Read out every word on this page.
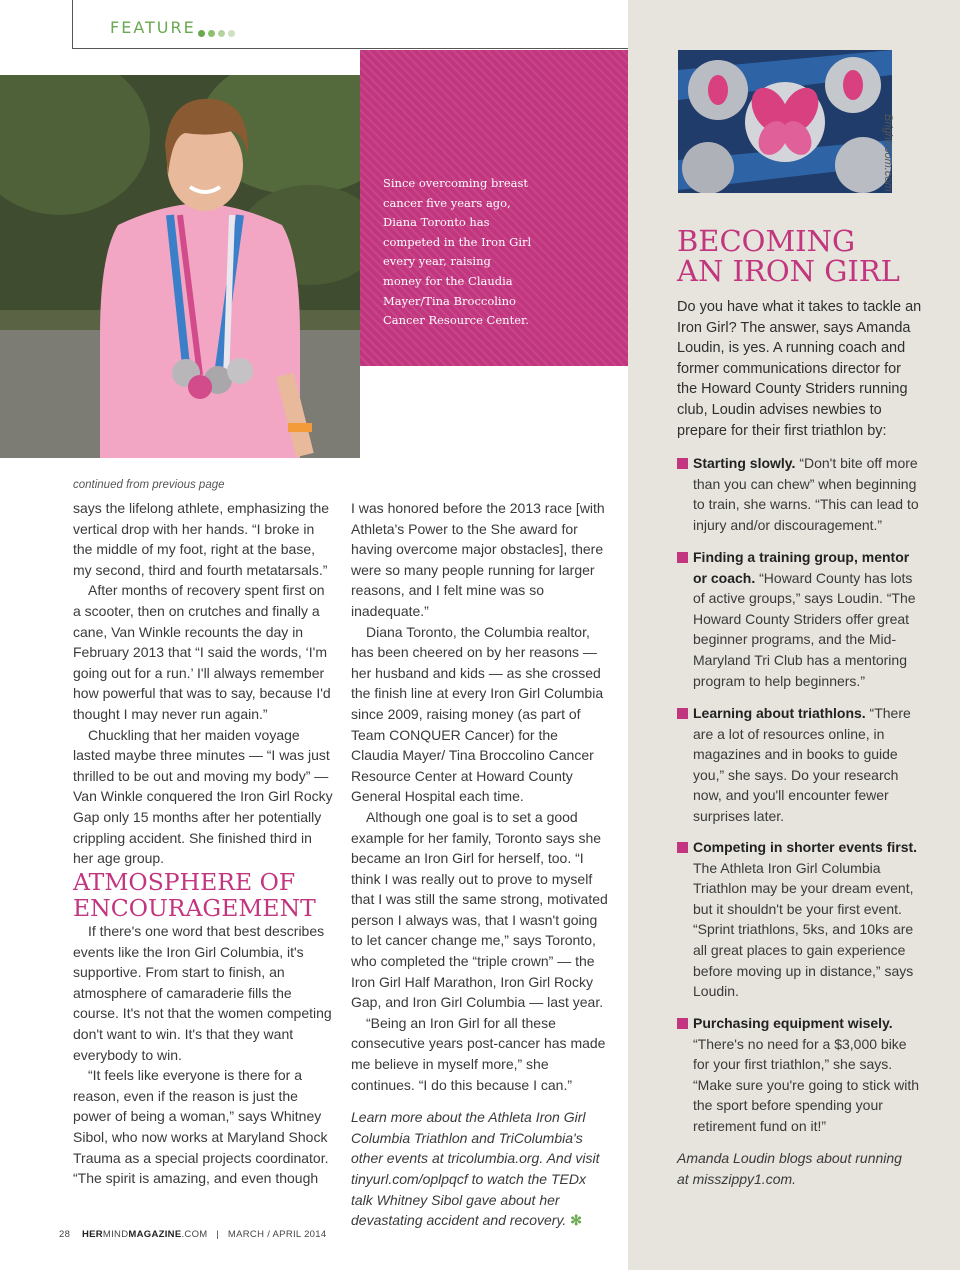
FEATURE
Since overcoming breast cancer five years ago, Diana Toronto has competed in the Iron Girl every year, raising money for the Claudia Mayer/Tina Broccolino Cancer Resource Center.
Brightroom.com
BECOMING
AN IRON GIRL
Do you have what it takes to tackle an Iron Girl? The answer, says Amanda Loudin, is yes. A running coach and former communications director for the Howard County Striders running club, Loudin advises newbies to prepare for their first triathlon by:
Starting slowly. “Don't bite off more than you can chew” when beginning to train, she warns. “This can lead to injury and/or discouragement.”
Finding a training group, mentor or coach. “Howard County has lots of active groups,” says Loudin. “The Howard County Striders offer great beginner programs, and the Mid-Maryland Tri Club has a mentoring program to help beginners.”
Learning about triathlons. “There are a lot of resources online, in magazines and in books to guide you,” she says. Do your research now, and you'll encounter fewer surprises later.
Competing in shorter events first. The Athleta Iron Girl Columbia Triathlon may be your dream event, but it shouldn't be your first event. “Sprint triathlons, 5ks, and 10ks are all great places to gain experience before moving up in distance,” says Loudin.
Purchasing equipment wisely. “There's no need for a $3,000 bike for your first triathlon,” she says. “Make sure you're going to stick with the sport before spending your retirement fund on it!”
Amanda Loudin blogs about running at misszippy1.com.
continued from previous page

says the lifelong athlete, emphasizing the vertical drop with her hands. “I broke in the middle of my foot, right at the base, my second, third and fourth metatarsals.”

After months of recovery spent first on a scooter, then on crutches and finally a cane, Van Winkle recounts the day in February 2013 that “I said the words, ‘I'm going out for a run.’ I'll always remember how powerful that was to say, because I'd thought I may never run again.”

Chuckling that her maiden voyage lasted maybe three minutes — “I was just thrilled to be out and moving my body” — Van Winkle conquered the Iron Girl Rocky Gap only 15 months after her potentially crippling accident. She finished third in her age group.

ATMOSPHERE OF
ENCOURAGEMENT

If there's one word that best describes events like the Iron Girl Columbia, it's supportive. From start to finish, an atmosphere of camaraderie fills the course. It's not that the women competing don't want to win. It's that they want everybody to win.

“It feels like everyone is there for a reason, even if the reason is just the power of being a woman,” says Whitney Sibol, who now works at Maryland Shock Trauma as a special projects coordinator. “The spirit is amazing, and even though

I was honored before the 2013 race [with Athleta's Power to the She award for having overcome major obstacles], there were so many people running for larger reasons, and I felt mine was so inadequate.”

Diana Toronto, the Columbia realtor, has been cheered on by her reasons — her husband and kids — as she crossed the finish line at every Iron Girl Columbia since 2009, raising money (as part of Team CONQUER Cancer) for the Claudia Mayer/ Tina Broccolino Cancer Resource Center at Howard County General Hospital each time.

Although one goal is to set a good example for her family, Toronto says she became an Iron Girl for herself, too. “I think I was really out to prove to myself that I was still the same strong, motivated person I always was, that I wasn't going to let cancer change me,” says Toronto, who completed the “triple crown” — the Iron Girl Half Marathon, Iron Girl Rocky Gap, and Iron Girl Columbia — last year.

“Being an Iron Girl for all these consecutive years post-cancer has made me believe in myself more,” she continues. “I do this because I can.”

Learn more about the Athleta Iron Girl Columbia Triathlon and TriColumbia's other events at tricolumbia.org. And visit tinyurl.com/oplpqcf to watch the TEDx talk Whitney Sibol gave about her devastating accident and recovery. ✻

28 HERMINDMAGAZINE.COM | MARCH / APRIL 2014
